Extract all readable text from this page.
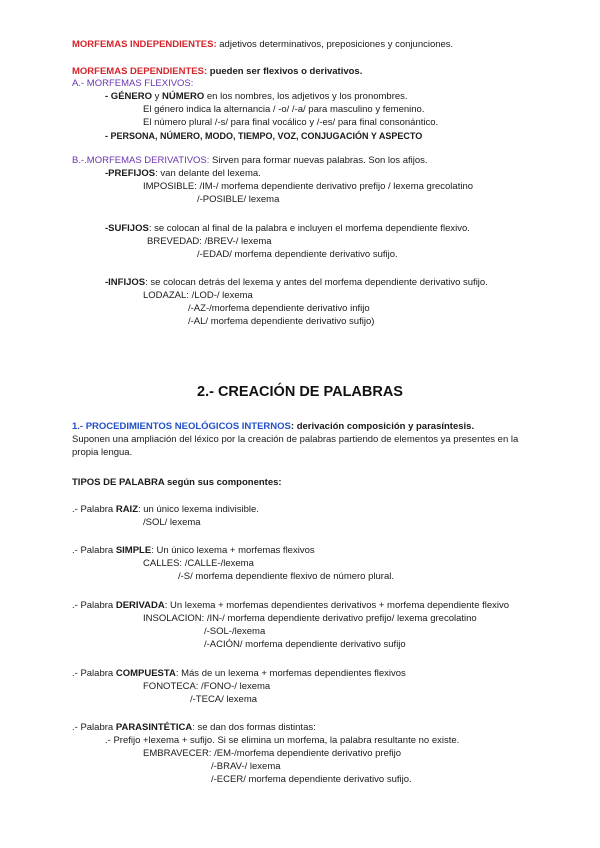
MORFEMAS INDEPENDIENTES: adjetivos determinativos, preposiciones y conjunciones.
MORFEMAS DEPENDIENTES: pueden ser flexivos o derivativos.
A.- MORFEMAS FLEXIVOS:
- GÉNERO y NÚMERO en los nombres, los adjetivos y los pronombres.
El género indica la alternancia / -o/ /-a/ para masculino y femenino.
El número plural /-s/ para final vocálico y /-es/ para final consonántico.
- PERSONA, NÚMERO, MODO, TIEMPO, VOZ, CONJUGACIÓN Y ASPECTO
B.-.MORFEMAS DERIVATIVOS: Sirven para formar nuevas palabras. Son los afijos.
-PREFIJOS: van delante del lexema.
IMPOSIBLE: /IM-/ morfema dependiente derivativo prefijo / lexema grecolatino
/-POSIBLE/ lexema
-SUFIJOS: se colocan al final de la palabra e incluyen el morfema dependiente flexivo.
BREVEDAD: /BREV-/ lexema
/-EDAD/ morfema dependiente derivativo sufijo.
-INFIJOS: se colocan detrás del lexema y antes del morfema dependiente derivativo sufijo.
LODAZAL: /LOD-/ lexema
/-AZ-/morfema dependiente derivativo infijo
/-AL/ morfema dependiente derivativo sufijo)
2.- CREACIÓN DE PALABRAS
1.- PROCEDIMIENTOS NEOLÓGICOS INTERNOS: derivación composición y parasíntesis.
Suponen una ampliación del léxico por la creación de palabras partiendo de elementos ya presentes en la
propia lengua.
TIPOS DE PALABRA según sus componentes:
.- Palabra RAIZ: un único lexema indivisible.
/SOL/ lexema
.- Palabra SIMPLE: Un único lexema + morfemas flexivos
CALLES: /CALLE-/lexema
/-S/ morfema dependiente flexivo de número plural.
.- Palabra DERIVADA: Un lexema + morfemas dependientes derivativos + morfema dependiente flexivo
INSOLACION: /IN-/ morfema dependiente derivativo prefijo/ lexema grecolatino
/-SOL-/lexema
/-ACIÓN/ morfema dependiente derivativo sufijo
.- Palabra COMPUESTA: Más de un lexema + morfemas dependientes flexivos
FONOTECA: /FONO-/ lexema
/-TECA/ lexema
.- Palabra PARASINTÉTICA: se dan dos formas distintas:
.- Prefijo +lexema + sufijo. Si se elimina un morfema, la palabra resultante no existe.
EMBRAVECER: /EM-/morfema dependiente derivativo prefijo
/-BRAV-/ lexema
/-ECER/ morfema dependiente derivativo sufijo.
